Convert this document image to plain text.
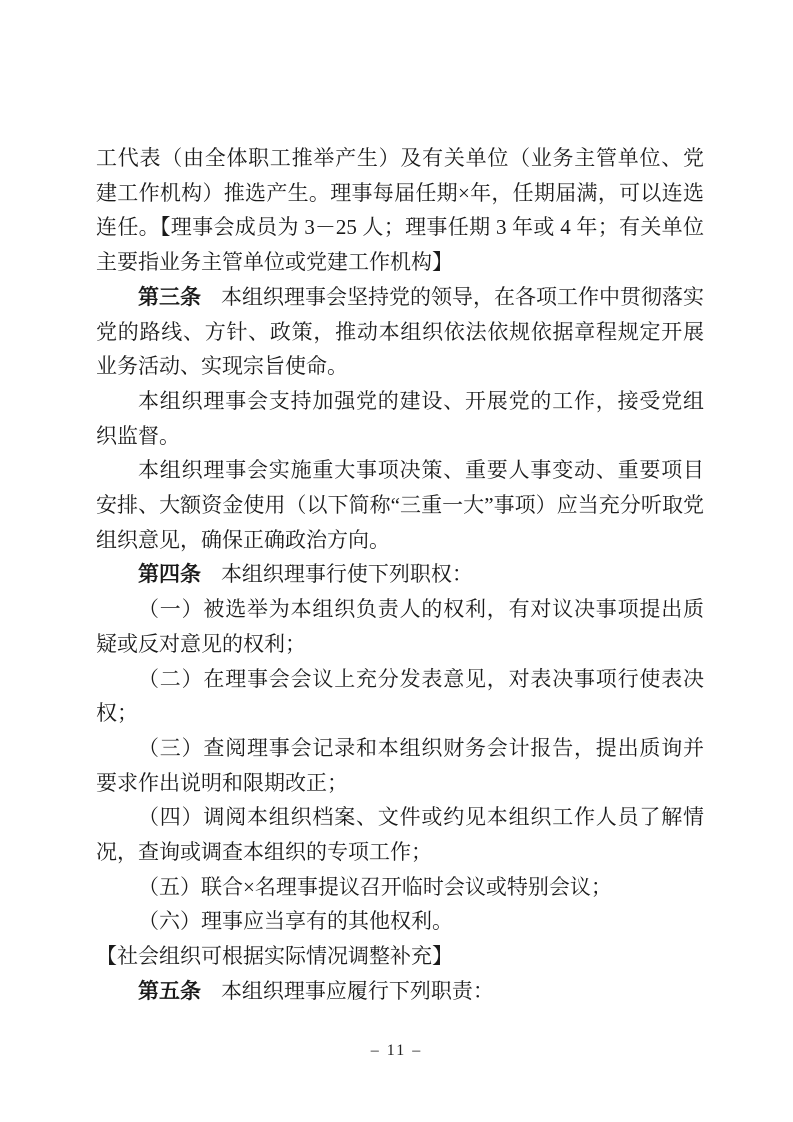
工代表（由全体职工推举产生）及有关单位（业务主管单位、党建工作机构）推选产生。理事每届任期×年，任期届满，可以连选连任。【理事会成员为 3－25 人；理事任期 3 年或 4 年；有关单位主要指业务主管单位或党建工作机构】

第三条 本组织理事会坚持党的领导，在各项工作中贯彻落实党的路线、方针、政策，推动本组织依法依规依据章程规定开展业务活动、实现宗旨使命。

本组织理事会支持加强党的建设、开展党的工作，接受党组织监督。

本组织理事会实施重大事项决策、重要人事变动、重要项目安排、大额资金使用（以下简称“三重一大”事项）应当充分听取党组织意见，确保正确政治方向。

第四条 本组织理事行使下列职权：

（一）被选举为本组织负责人的权利，有对议决事项提出质疑或反对意见的权利；

（二）在理事会会议上充分发表意见，对表决事项行使表决权；

（三）查阅理事会记录和本组织财务会计报告，提出质询并要求作出说明和限期改正；

（四）调阅本组织档案、文件或约见本组织工作人员了解情况，查询或调查本组织的专项工作；

（五）联合×名理事提议召开临时会议或特别会议；

（六）理事应当享有的其他权利。

【社会组织可根据实际情况调整补充】

第五条 本组织理事应履行下列职责：

– 11 –
